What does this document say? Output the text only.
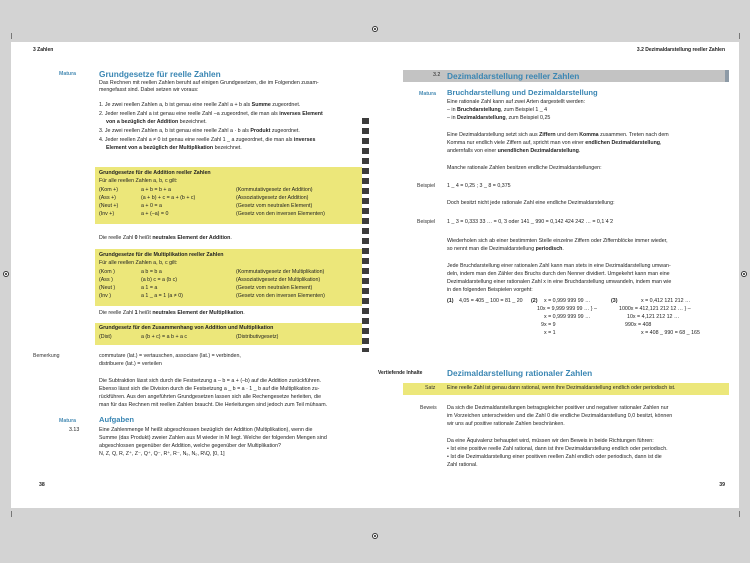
3 Zahlen
Matura	Grundgesetze für reelle Zahlen
Das Rechnen mit reellen Zahlen beruht auf einigen Grundgesetzen, die im Folgenden zusam-
mengefasst sind. Dabei setzen wir voraus:
1. Je zwei reellen Zahlen a, b ist genau eine reelle Zahl a + b als Summe zugeordnet.
2. Jeder reellen Zahl a ist genau eine reelle Zahl –a zugeordnet, die man als inverses Element
von a bezüglich der Addition bezeichnet.
3. Je zwei reellen Zahlen a, b ist genau eine reelle Zahl a · b als Produkt zugeordnet.
4. Jeder reellen Zahl a ≠ 0 ist genau eine reelle Zahl 1 _ a zugeordnet, die man als inverses
Element von a bezüglich der Multiplikation bezeichnet.
Grundgesetze für die Addition reeller Zahlen
Für alle reellen Zahlen a, b, c gilt:
(Kom +)	a + b = b + a	(Kommutativgesetz der Addition)
(Ass +)	(a + b) + c = a + (b + c)	(Assoziativgesetz der Addition)
(Neut +)	a + 0 = a	(Gesetz vom neutralen Element)
(Inv +)	a + (–a) = 0	(Gesetz von den inversen Elementen)
Die reelle Zahl 0 heißt neutrales Element der Addition.
Grundgesetze für die Multiplikation reeller Zahlen
Für alle reellen Zahlen a, b, c gilt:
(Kom )	a b = b a	(Kommutativgesetz der Multiplikation)
(Ass )	(a b) c = a (b c)	(Assoziativgesetz der Multiplikation)
(Neut )	a 1 = a	(Gesetz vom neutralen Element)
(Inv )	a 1 _ a = 1 (a ≠ 0)	(Gesetz von den inversen Elementen)
Die reelle Zahl 1 heißt neutrales Element der Multiplikation.
Grundgesetz für den Zusammenhang von Addition und Multiplikation
(Dist)	a (b + c) = a b + a c	(Distributivgesetz)
Bemerkung	commutare (lat.) = vertauschen, associare (lat.) = verbinden,
distribuere (lat.) = verteilen
Die Subtraktion lässt sich durch die Festsetzung a – b = a + (–b) auf die Addition zurückführen.
Ebenso lässt sich die Division durch die Festsetzung a _ b = a · 1 _ b auf die Multiplikation zu-
rückführen. Aus den angeführten Grundgesetzen lassen sich alle Rechengesetze herleiten, die
man für das Rechnen mit reellen Zahlen braucht. Die Herleitungen sind jedoch zum Teil mühsam.
Matura	Aufgaben
3.13	Eine Zahlenmenge M heißt abgeschlossen bezüglich der Addition (Multiplikation), wenn die
Summe (das Produkt) zweier Zahlen aus M wieder in M liegt. Welche der folgenden Mengen sind
abgeschlossen gegenüber der Addition, welche gegenüber der Multiplikation?
N, Z, Q, R, Z⁺, Z⁻, Q⁺, Q⁻, R⁺, R⁻, N₉, N₀, R\Q, [0, 1]
38
3.2 Dezimaldarstellung reeller Zahlen
3.2 Dezimaldarstellung reeller Zahlen
Matura Bruchdarstellung und Dezimaldarstellung
Eine rationale Zahl kann auf zwei Arten dargestellt werden:
– in Bruchdarstellung, zum Beispiel 1 _ 4
– in Dezimaldarstellung, zum Beispiel 0,25
Eine Dezimaldarstellung setzt sich aus Ziffern und dem Komma zusammen. Treten nach dem
Komma nur endlich viele Ziffern auf, spricht man von einer endlichen Dezimaldarstellung,
andernfalls von einer unendlichen Dezimaldarstellung.
Manche rationale Zahlen besitzen endliche Dezimaldarstellungen:
Beispiel 1 _ 4 = 0,25 ; 3 _ 8 = 0,375
Doch besitzt nicht jede rationale Zahl eine endliche Dezimaldarstellung:
Beispiel 1 _ 3 = 0,333 33 … = 0, ̇3 oder 141 _ 990 = 0,142 424 242 … = 0,1 ̇4 ̇2
Wiederholen sich ab einer bestimmten Stelle einzelne Ziffern oder Ziffernblöcke immer wieder,
so nennt man die Dezimaldarstellung periodisch.
Jede Bruchdarstellung einer rationalen Zahl kann man stets in eine Dezimaldarstellung umwan-
deln, indem man den Zähler des Bruchs durch den Nenner dividiert. Umgekehrt kann man eine
Dezimaldarstellung einer rationalen Zahl x in eine Bruchdarstellung umwandeln, indem man wie
in den folgenden Beispielen vorgeht:
(1) 4,05 = 405 _ 100 = 81 _ 20 (2) x = 0,999 999 99 …
10x = 9,999 999 99 … } –
x = 0,999 999 99 …
9x = 9
x = 1
(3)	x = 0,412 121 212 …
1000x = 412,121 212 12 … } –
10x = 4,121 212 12 …
990x = 408
x = 408 _ 990 = 68 _ 165
Vertiefende Inhalte	Dezimaldarstellung rationaler Zahlen
Satz Eine reelle Zahl ist genau dann rational, wenn ihre Dezimaldarstellung endlich oder periodisch ist.
Beweis Da sich die Dezimaldarstellungen betragsgleicher positiver und negativer rationaler Zahlen nur
im Vorzeichen unterscheiden und die Zahl 0 die endliche Dezimaldarstellung 0,0 besitzt, können
wir uns auf positive rationale Zahlen beschränken.
Da eine Äquivalenz behauptet wird, müssen wir den Beweis in beide Richtungen führen:
• Ist eine positive reelle Zahl rational, dann ist ihre Dezimaldarstellung endlich oder periodisch.
• Ist die Dezimaldarstellung einer positiven reellen Zahl endlich oder periodisch, dann ist die
Zahl rational.
39
